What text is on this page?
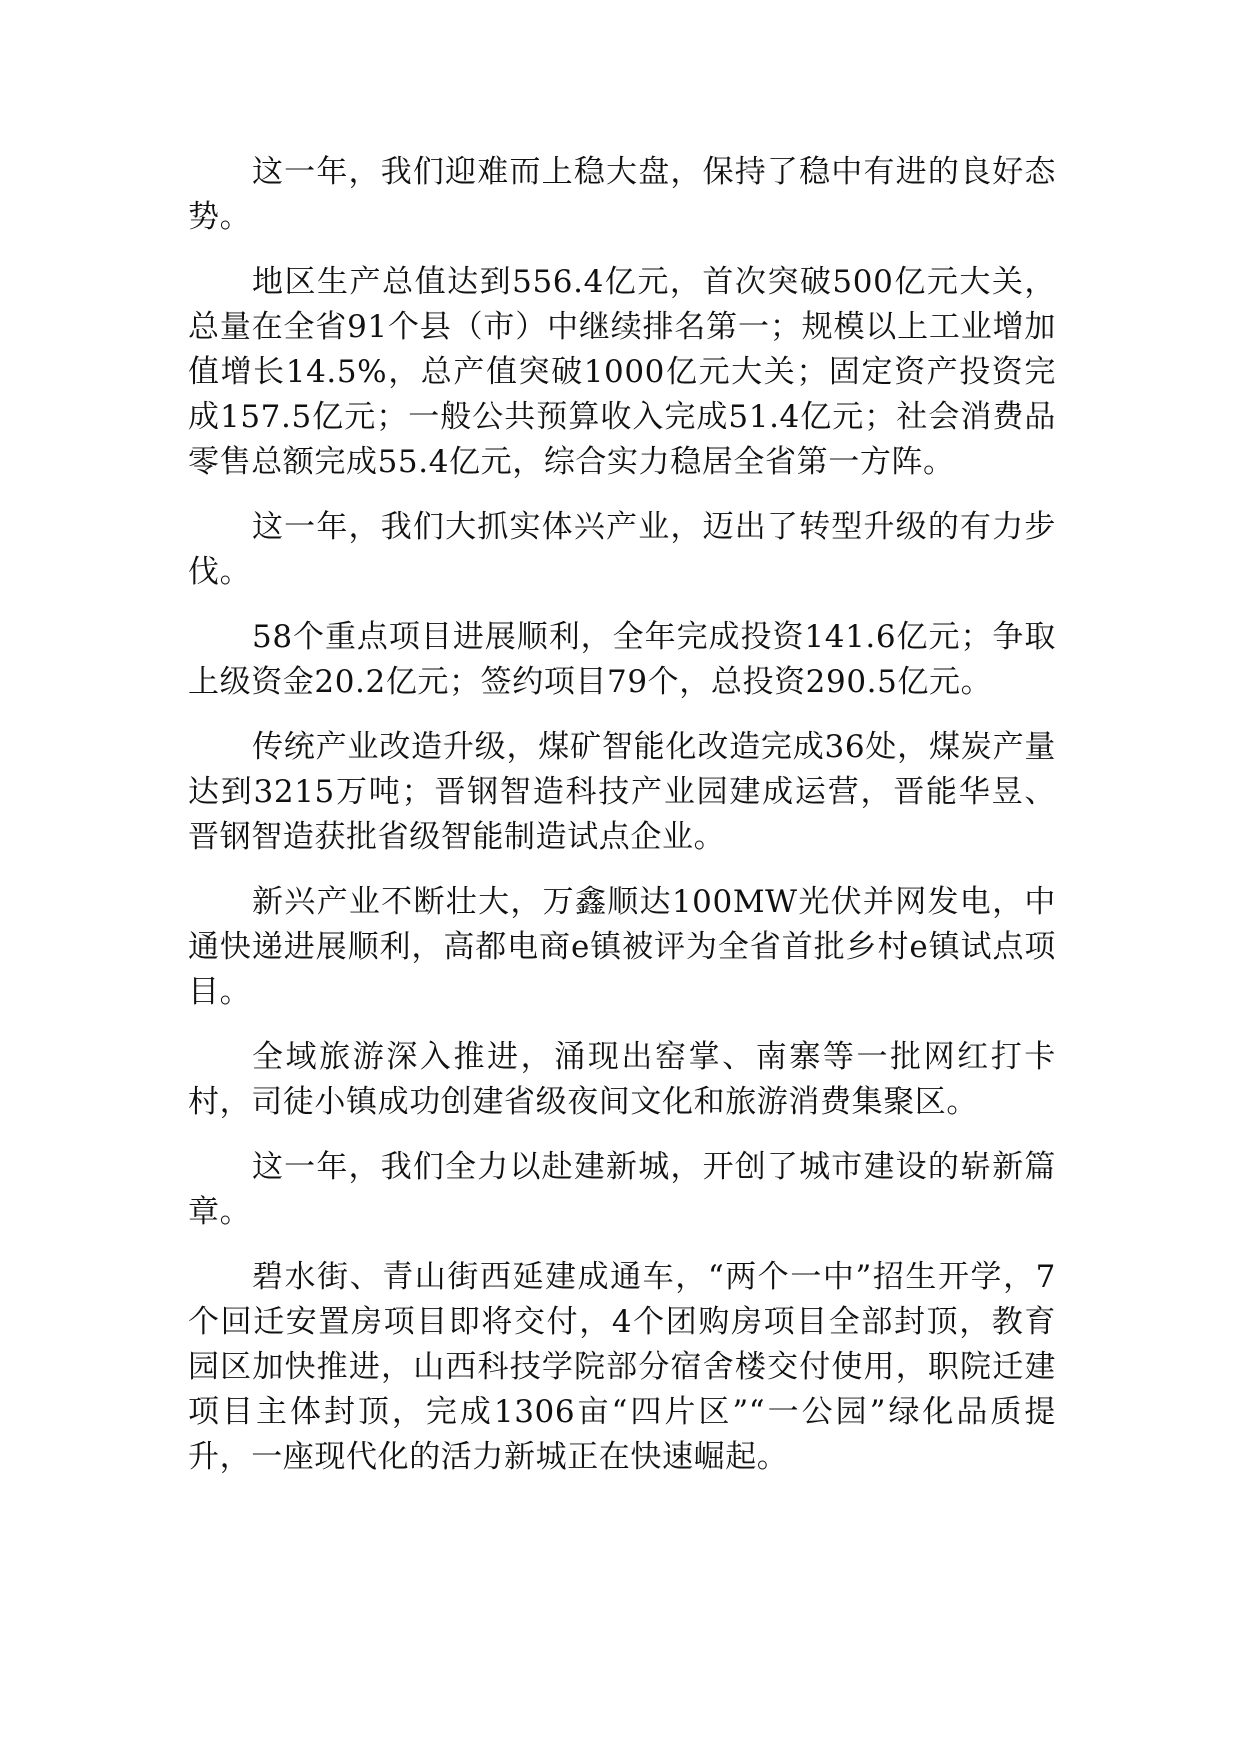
这一年，我们迎难而上稳大盘，保持了稳中有进的良好态势。

地区生产总值达到556.4亿元，首次突破500亿元大关，总量在全省91个县（市）中继续排名第一；规模以上工业增加值增长14.5%，总产值突破1000亿元大关；固定资产投资完成157.5亿元；一般公共预算收入完成51.4亿元；社会消费品零售总额完成55.4亿元，综合实力稳居全省第一方阵。

这一年，我们大抓实体兴产业，迈出了转型升级的有力步伐。

58个重点项目进展顺利，全年完成投资141.6亿元；争取上级资金20.2亿元；签约项目79个，总投资290.5亿元。

传统产业改造升级，煤矿智能化改造完成36处，煤炭产量达到3215万吨；晋钢智造科技产业园建成运营，晋能华昱、晋钢智造获批省级智能制造试点企业。

新兴产业不断壮大，万鑫顺达100MW光伏并网发电，中通快递进展顺利，高都电商e镇被评为全省首批乡村e镇试点项目。

全域旅游深入推进，涌现出窑掌、南寨等一批网红打卡村，司徒小镇成功创建省级夜间文化和旅游消费集聚区。

这一年，我们全力以赴建新城，开创了城市建设的崭新篇章。

碧水街、青山街西延建成通车，“两个一中”招生开学，7个回迁安置房项目即将交付，4个团购房项目全部封顶，教育园区加快推进，山西科技学院部分宿舍楼交付使用，职院迁建项目主体封顶，完成1306亩“四片区”“一公园”绿化品质提升，一座现代化的活力新城正在快速崛起。
